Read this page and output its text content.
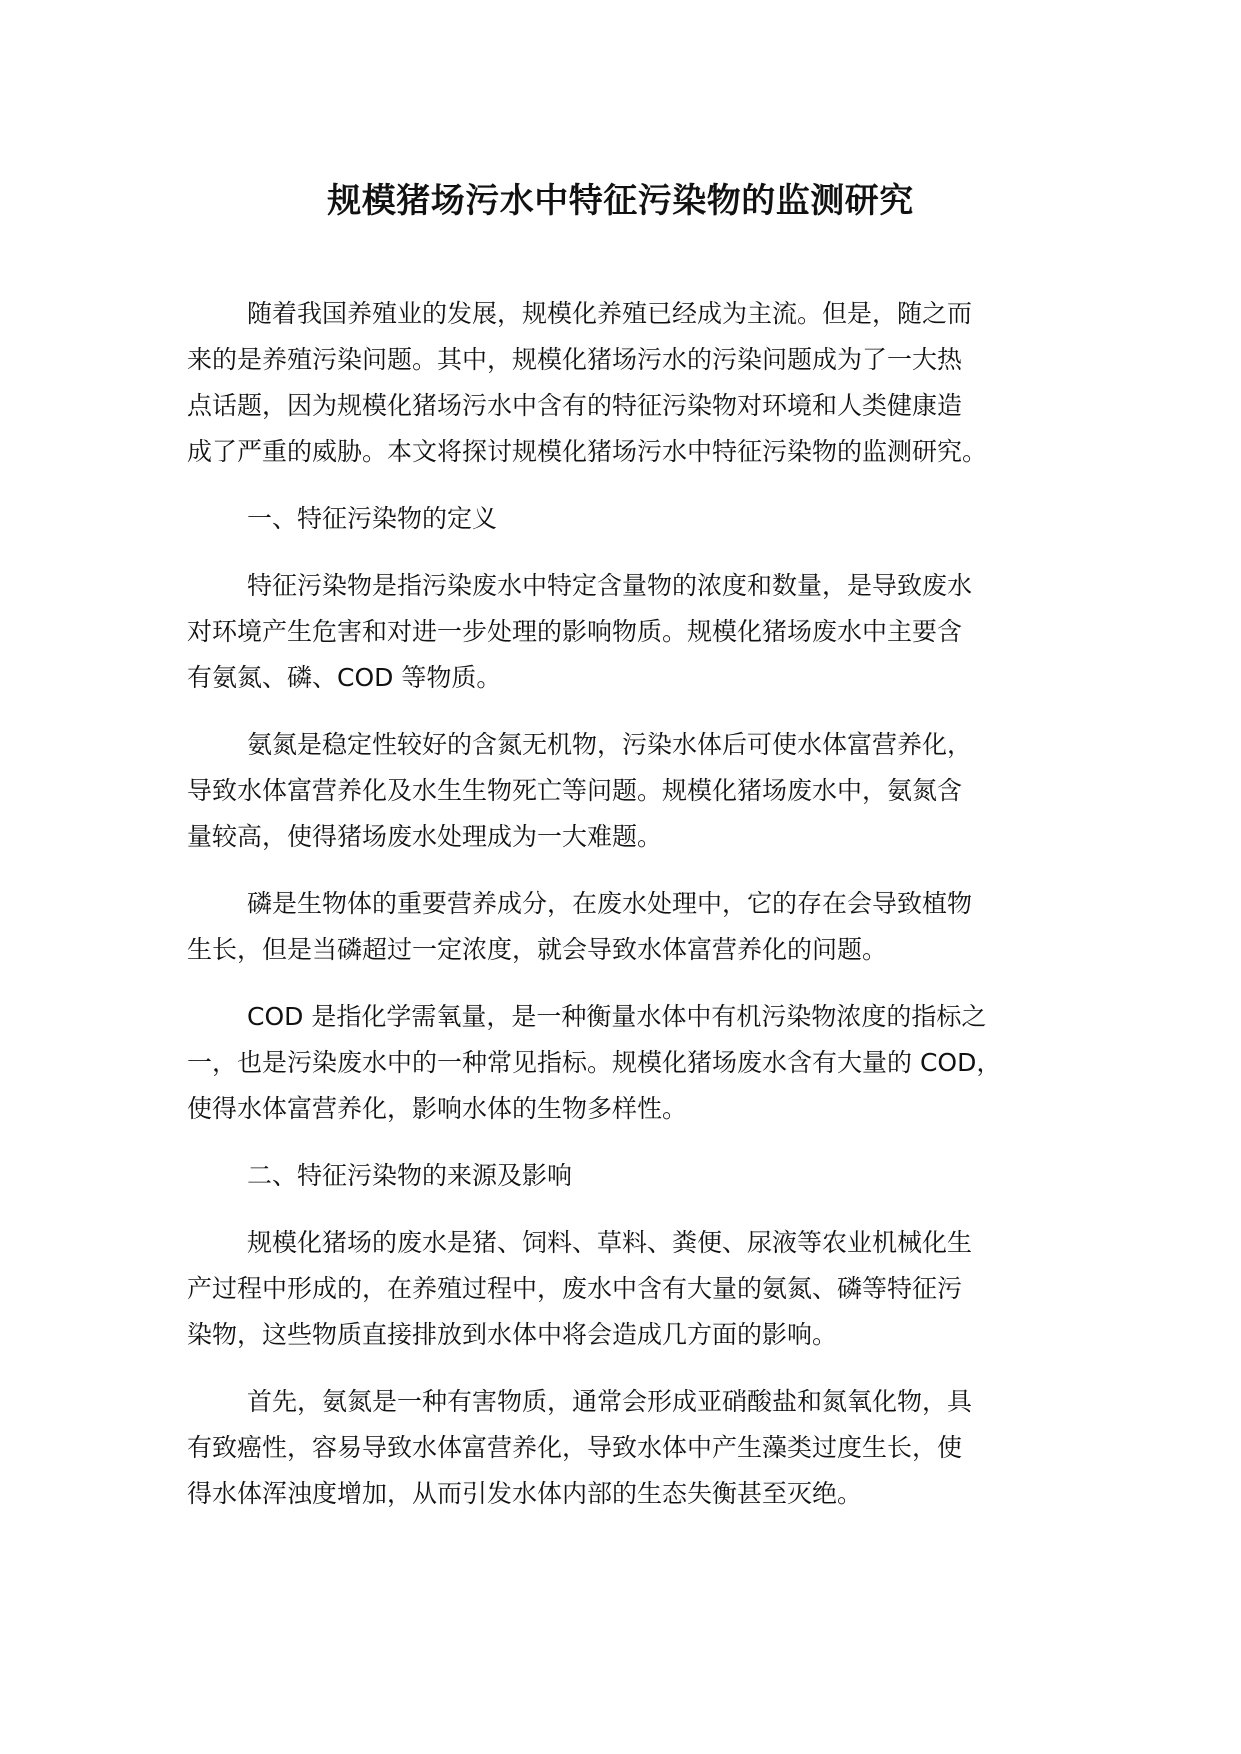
规模猪场污水中特征污染物的监测研究

随着我国养殖业的发展，规模化养殖已经成为主流。但是，随之而
来的是养殖污染问题。其中，规模化猪场污水的污染问题成为了一大热
点话题，因为规模化猪场污水中含有的特征污染物对环境和人类健康造
成了严重的威胁。本文将探讨规模化猪场污水中特征污染物的监测研究。

一、特征污染物的定义

特征污染物是指污染废水中特定含量物的浓度和数量，是导致废水
对环境产生危害和对进一步处理的影响物质。规模化猪场废水中主要含
有氨氮、磷、COD 等物质。

氨氮是稳定性较好的含氮无机物，污染水体后可使水体富营养化，
导致水体富营养化及水生生物死亡等问题。规模化猪场废水中，氨氮含
量较高，使得猪场废水处理成为一大难题。

磷是生物体的重要营养成分，在废水处理中，它的存在会导致植物
生长，但是当磷超过一定浓度，就会导致水体富营养化的问题。

COD 是指化学需氧量，是一种衡量水体中有机污染物浓度的指标之
一，也是污染废水中的一种常见指标。规模化猪场废水含有大量的 COD，
使得水体富营养化，影响水体的生物多样性。

二、特征污染物的来源及影响

规模化猪场的废水是猪、饲料、草料、粪便、尿液等农业机械化生
产过程中形成的，在养殖过程中，废水中含有大量的氨氮、磷等特征污
染物，这些物质直接排放到水体中将会造成几方面的影响。

首先，氨氮是一种有害物质，通常会形成亚硝酸盐和氮氧化物，具
有致癌性，容易导致水体富营养化，导致水体中产生藻类过度生长，使
得水体浑浊度增加，从而引发水体内部的生态失衡甚至灭绝。
